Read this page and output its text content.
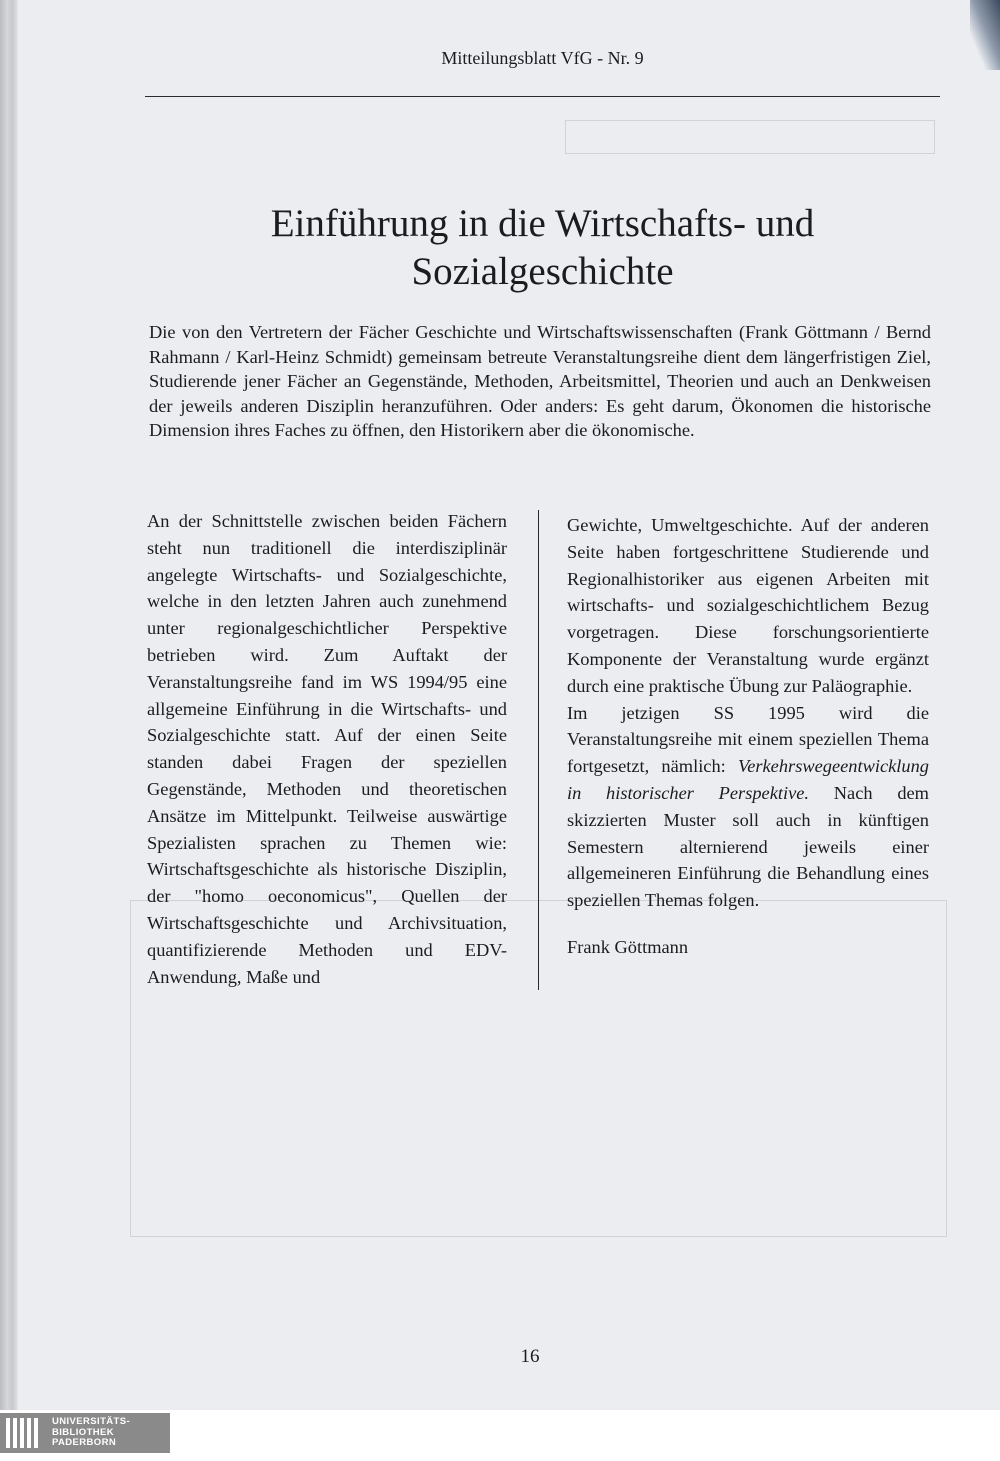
Mitteilungsblatt VfG - Nr. 9
Einführung in die Wirtschafts- und
Sozialgeschichte

Die von den Vertretern der Fächer Geschichte und Wirtschaftswissenschaften (Frank Göttmann / Bernd Rahmann / Karl-Heinz Schmidt) gemeinsam betreute Veranstaltungsreihe dient dem längerfristigen Ziel, Studierende jener Fächer an Gegenstände, Methoden, Arbeitsmittel, Theorien und auch an Denkweisen der jeweils anderen Disziplin heranzuführen. Oder anders: Es geht darum, Ökonomen die historische Dimension ihres Faches zu öffnen, den Historikern aber die ökonomische.

An der Schnittstelle zwischen beiden Fächern steht nun traditionell die interdisziplinär angelegte Wirtschafts- und Sozialgeschichte, welche in den letzten Jahren auch zunehmend unter regionalgeschichtlicher Perspektive betrieben wird. Zum Auftakt der Veranstaltungsreihe fand im WS 1994/95 eine allgemeine Einführung in die Wirtschafts- und Sozialgeschichte statt. Auf der einen Seite standen dabei Fragen der speziellen Gegenstände, Methoden und theoretischen Ansätze im Mittelpunkt. Teilweise auswärtige Spezialisten sprachen zu Themen wie: Wirtschaftsgeschichte als historische Disziplin, der "homo oeconomicus", Quellen der Wirtschaftsgeschichte und Archivsituation, quantifizierende Methoden und EDV-Anwendung, Maße und

Gewichte, Umweltgeschichte. Auf der anderen Seite haben fortgeschrittene Studierende und Regionalhistoriker aus eigenen Arbeiten mit wirtschafts- und sozialgeschichtlichem Bezug vorgetragen. Diese forschungsorientierte Komponente der Veranstaltung wurde ergänzt durch eine praktische Übung zur Paläographie.

Im jetzigen SS 1995 wird die Veranstaltungsreihe mit einem speziellen Thema fortgesetzt, nämlich: Verkehrswegeentwicklung in historischer Perspektive. Nach dem skizzierten Muster soll auch in künftigen Semestern alternierend jeweils einer allgemeineren Einführung die Behandlung eines speziellen Themas folgen.

Frank Göttmann

16
UNIVERSITÄTS-
BIBLIOTHEK
PADERBORN
